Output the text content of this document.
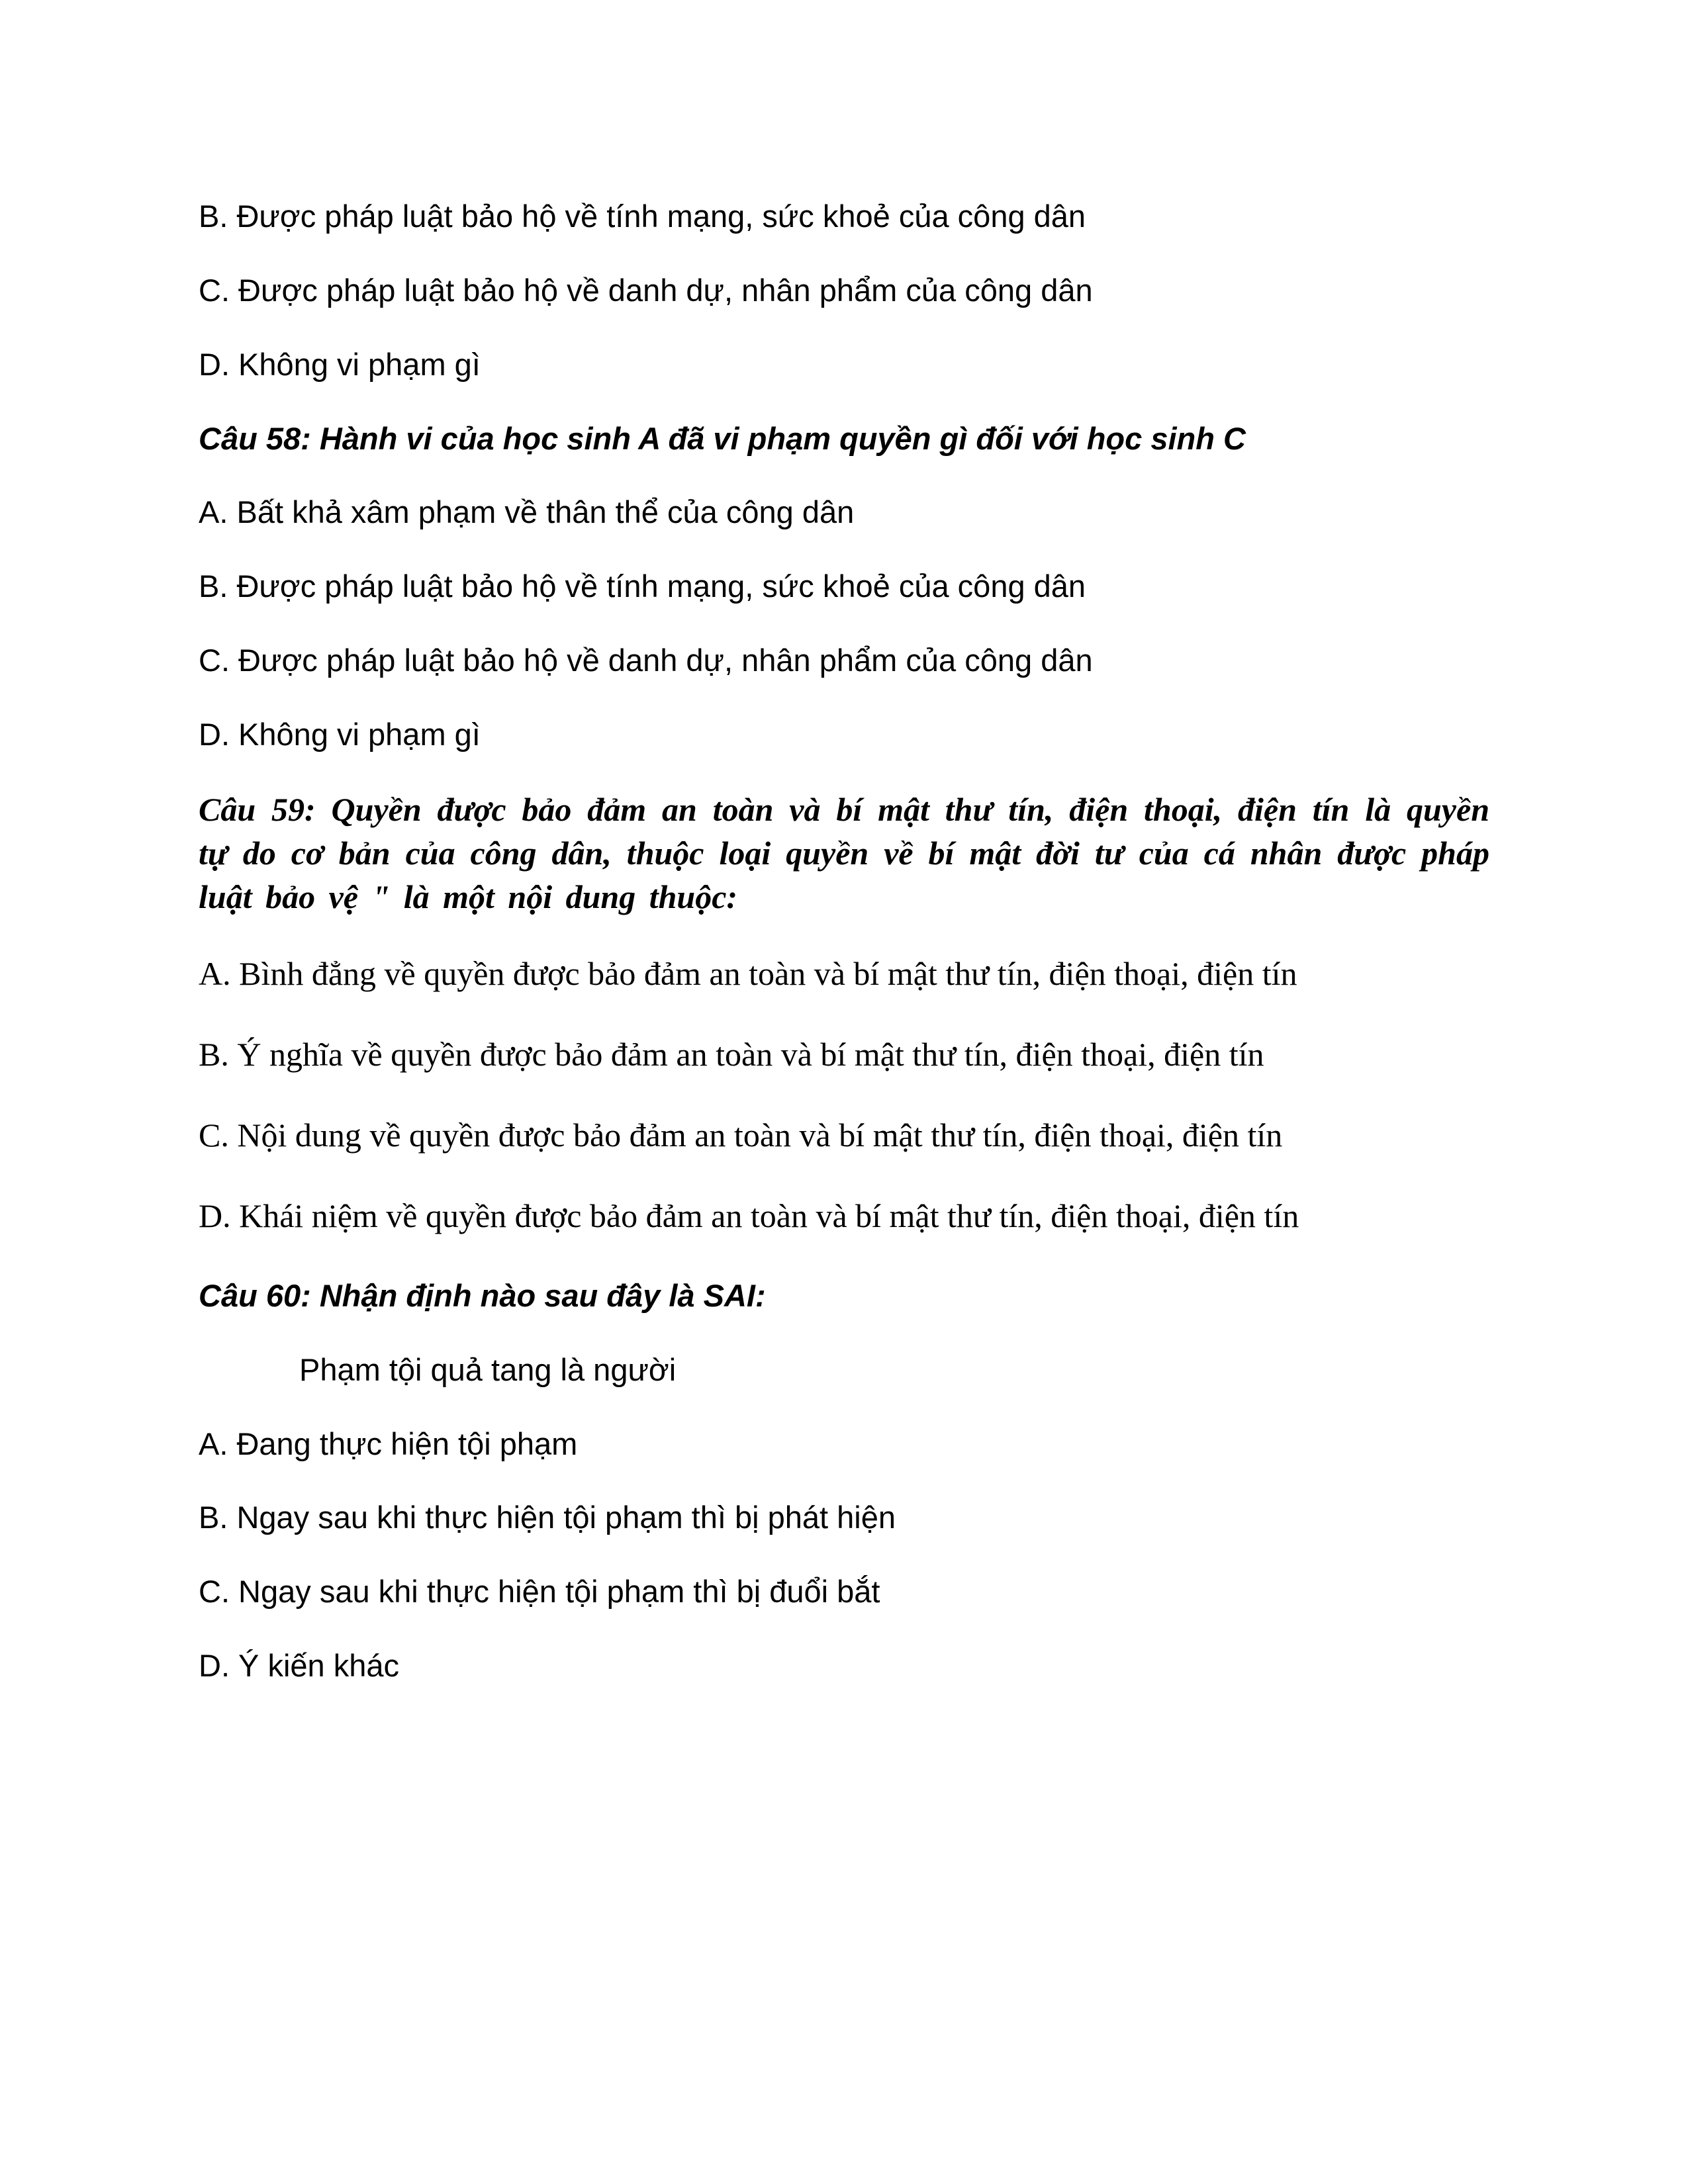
B. Được pháp luật bảo hộ về tính mạng, sức khoẻ của công dân

C. Được pháp luật bảo hộ về danh dự, nhân phẩm của công dân

D. Không vi phạm gì

Câu 58: Hành vi của học sinh A đã vi phạm quyền gì đối với học sinh C

A. Bất khả xâm phạm về thân thể của công dân

B. Được pháp luật bảo hộ về tính mạng, sức khoẻ của công dân

C. Được pháp luật bảo hộ về danh dự, nhân phẩm của công dân

D. Không vi phạm gì

Câu 59: Quyền được bảo đảm an toàn và bí mật thư tín, điện thoại, điện tín là quyền tự do cơ bản của công dân, thuộc loại quyền về bí mật đời tư của cá nhân được pháp luật bảo vệ " là một nội dung thuộc:

A. Bình đẳng về quyền được bảo đảm an toàn và bí mật thư tín, điện thoại, điện tín

B. Ý nghĩa về quyền được bảo đảm an toàn và bí mật thư tín, điện thoại, điện tín

C. Nội dung về quyền được bảo đảm an toàn và bí mật thư tín, điện thoại, điện tín

D. Khái niệm về quyền được bảo đảm an toàn và bí mật thư tín, điện thoại, điện tín

Câu 60: Nhận định nào sau đây là SAI:

Phạm tội quả tang là người

A. Đang thực hiện tội phạm

B. Ngay sau khi thực hiện tội phạm thì bị phát hiện

C. Ngay sau khi thực hiện tội phạm thì bị đuổi bắt

D. Ý kiến khác
